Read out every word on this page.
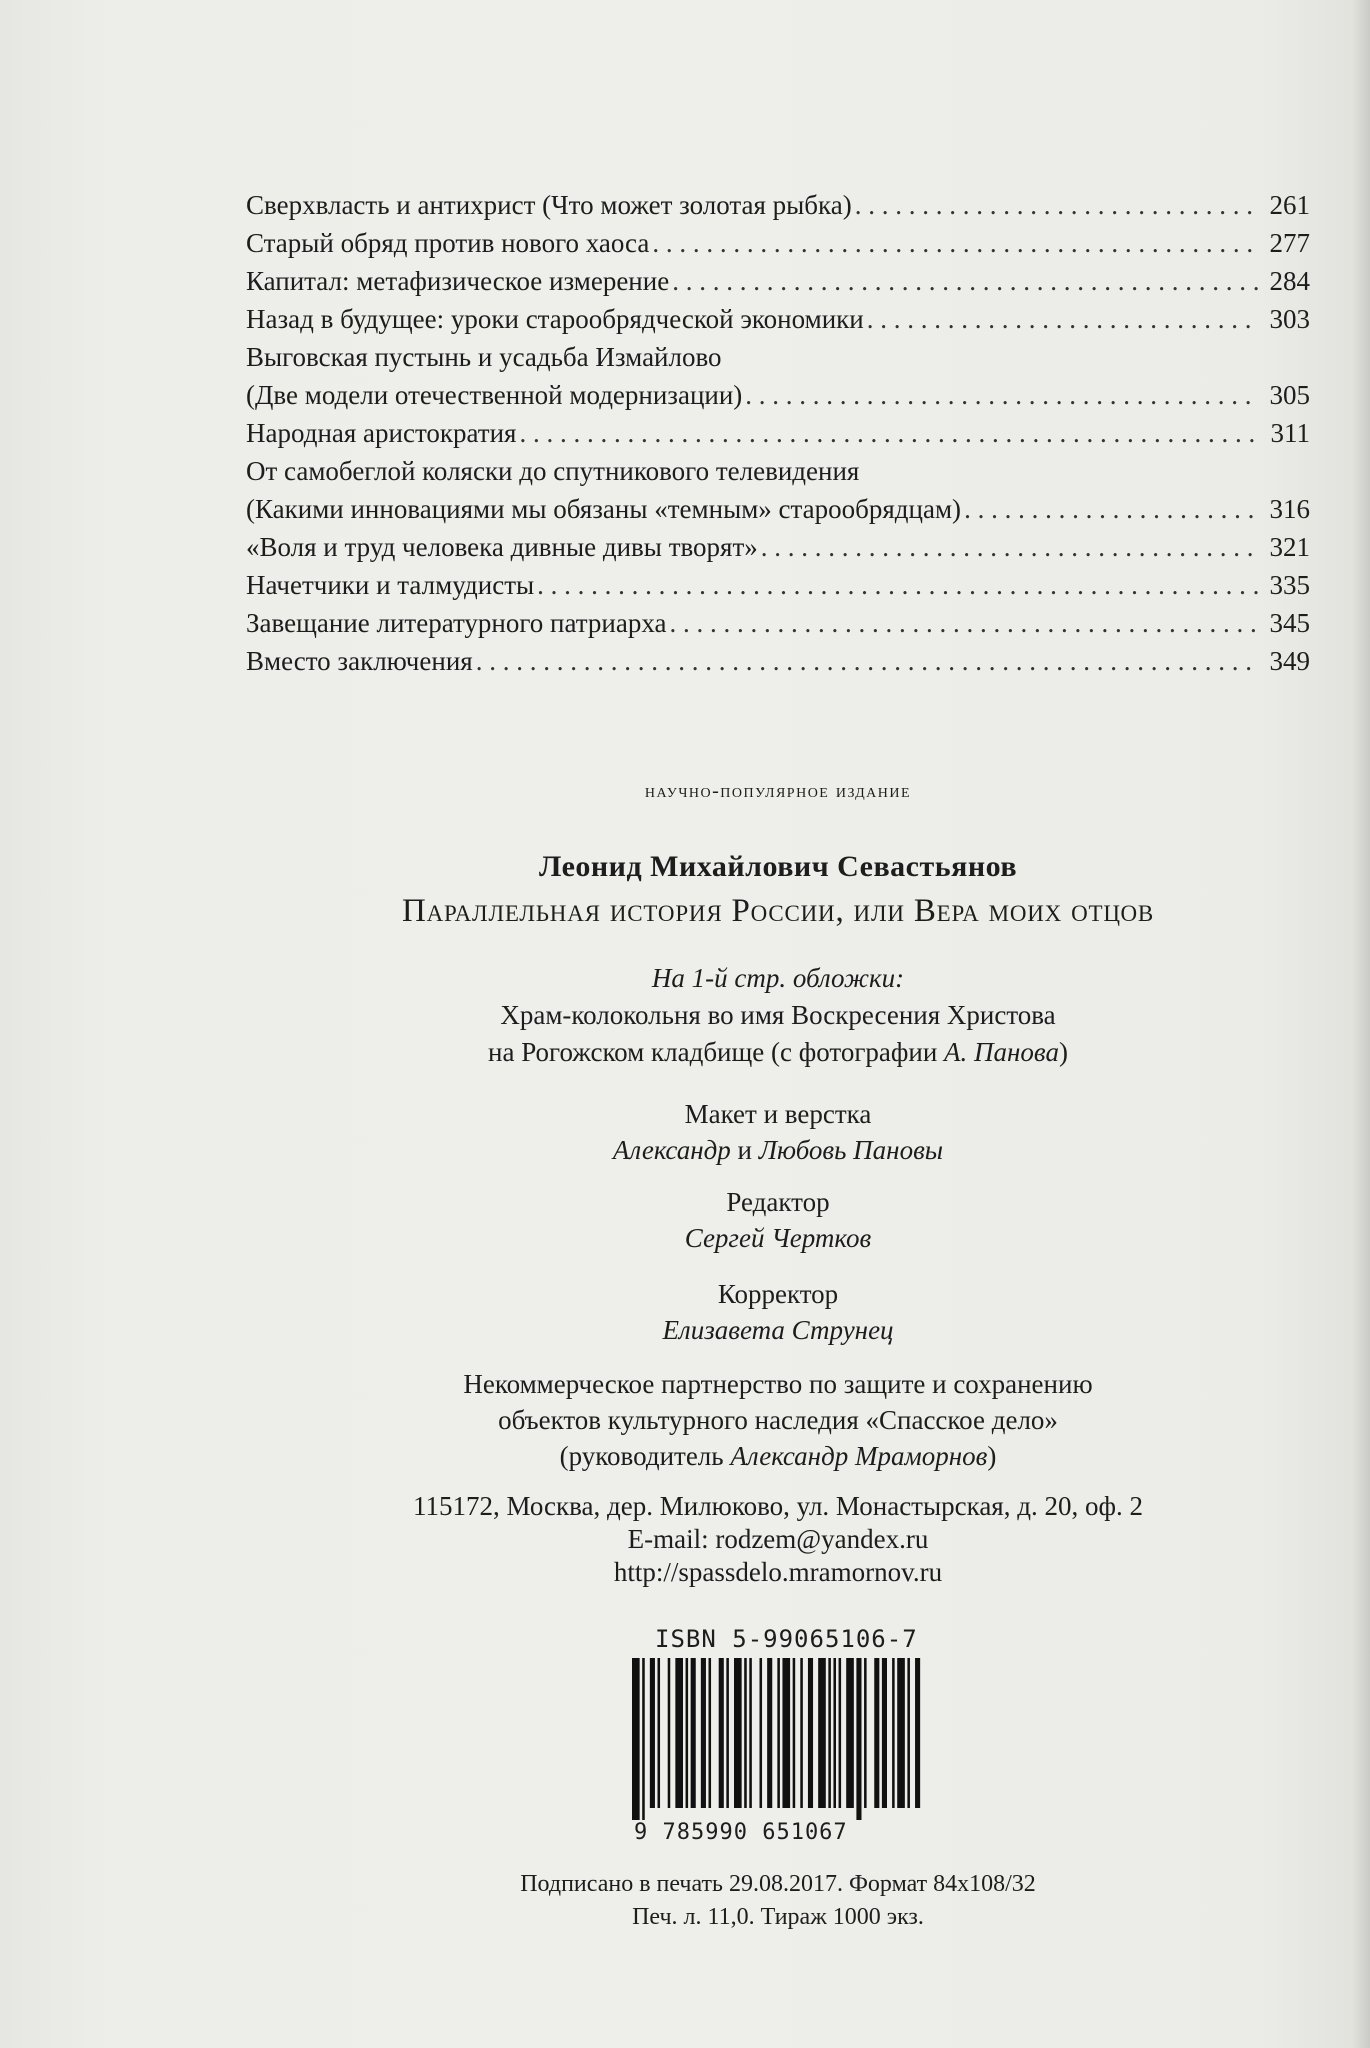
Сверхвласть и антихрист (Что может золотая рыбка) . . .	261
Старый обряд против нового хаоса . . .	277
Капитал: метафизическое измерение . . .	284
Назад в будущее: уроки старообрядческой экономики . . .	303
Выговская пустынь и усадьба Измайлово
(Две модели отечественной модернизации) . . .	305
Народная аристократия . . .	311
От самобеглой коляски до спутникового телевидения
(Какими инновациями мы обязаны «темным» старообрядцам) . . .	316
«Воля и труд человека дивные дивы творят» . . .	321
Начетчики и талмудисты . . .	335
Завещание литературного патриарха . . .	345
Вместо заключения . . .	349
научно-популярное издание
Леонид Михайлович Севастьянов
Параллельная история России, или Вера моих отцов
На 1-й стр. обложки:
Храм-колокольня во имя Воскресения Христова
на Рогожском кладбище (с фотографии А. Панова)
Макет и верстка
Александр и Любовь Пановы
Редактор
Сергей Чертков
Корректор
Елизавета Струнец
Некоммерческое партнерство по защите и сохранению
объектов культурного наследия «Спасское дело»
(руководитель Александр Мраморнов)
115172, Москва, дер. Милюково, ул. Монастырская, д. 20, оф. 2
E-mail: rodzem@yandex.ru
http://spassdelo.mramornov.ru
ISBN 5-99065106-7
9 785990 651067
Подписано в печать 29.08.2017. Формат 84x108/32
Печ. л. 11,0. Тираж 1000 экз.
